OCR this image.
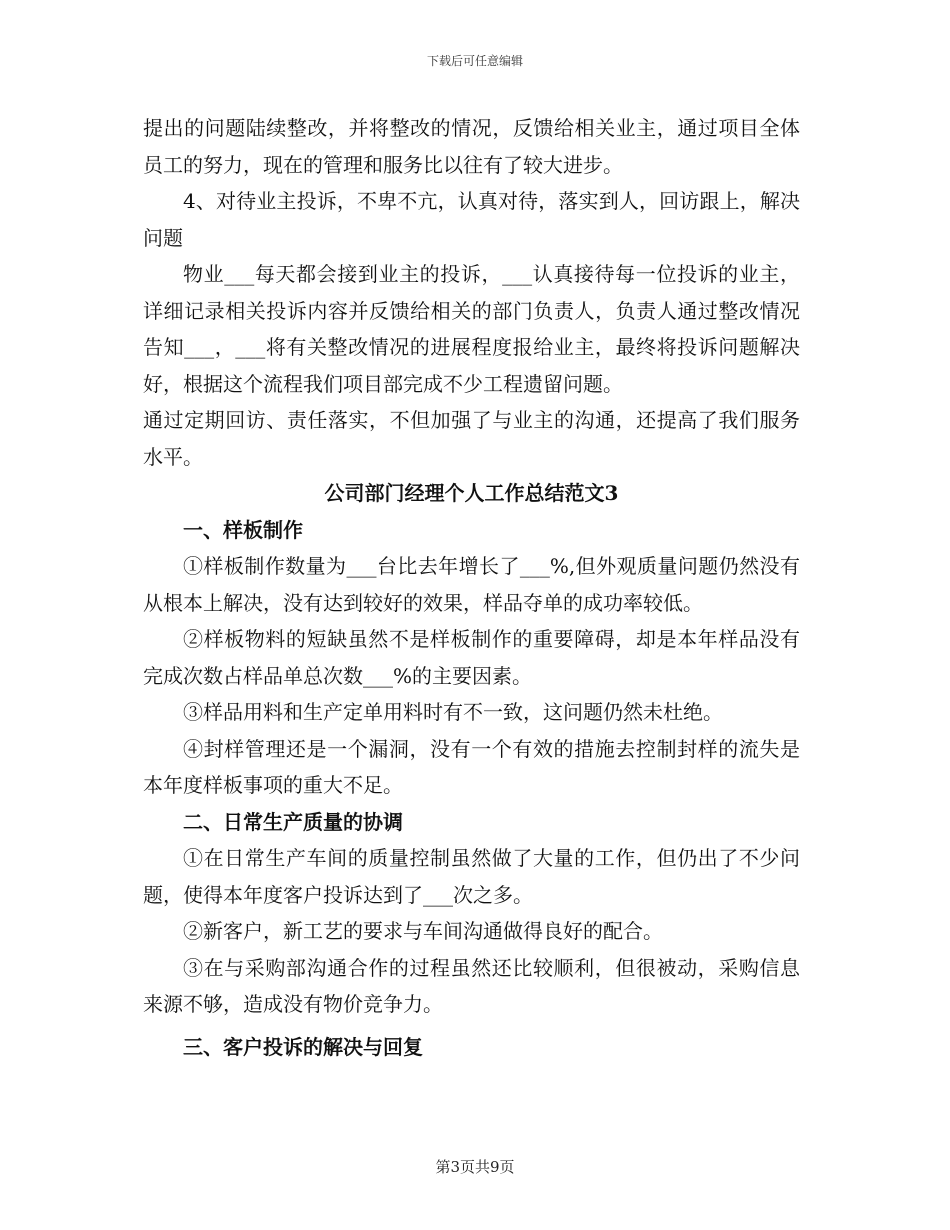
下载后可任意编辑

提出的问题陆续整改，并将整改的情况，反馈给相关业主，通过项目全体员工的努力，现在的管理和服务比以往有了较大进步。

4、对待业主投诉，不卑不亢，认真对待，落实到人，回访跟上，解决问题

物业___每天都会接到业主的投诉，___认真接待每一位投诉的业主，详细记录相关投诉内容并反馈给相关的部门负责人，负责人通过整改情况告知___，___将有关整改情况的进展程度报给业主，最终将投诉问题解决好，根据这个流程我们项目部完成不少工程遗留问题。

通过定期回访、责任落实，不但加强了与业主的沟通，还提高了我们服务水平。

公司部门经理个人工作总结范文3

一、样板制作

①样板制作数量为___台比去年增长了___%,但外观质量问题仍然没有从根本上解决，没有达到较好的效果，样品夺单的成功率较低。

②样板物料的短缺虽然不是样板制作的重要障碍，却是本年样品没有完成次数占样品单总次数___%的主要因素。

③样品用料和生产定单用料时有不一致，这问题仍然未杜绝。

④封样管理还是一个漏洞，没有一个有效的措施去控制封样的流失是本年度样板事项的重大不足。

二、日常生产质量的协调

①在日常生产车间的质量控制虽然做了大量的工作，但仍出了不少问题，使得本年度客户投诉达到了___次之多。

②新客户，新工艺的要求与车间沟通做得良好的配合。

③在与采购部沟通合作的过程虽然还比较顺利，但很被动，采购信息来源不够，造成没有物价竞争力。

三、客户投诉的解决与回复

第3页共9页
